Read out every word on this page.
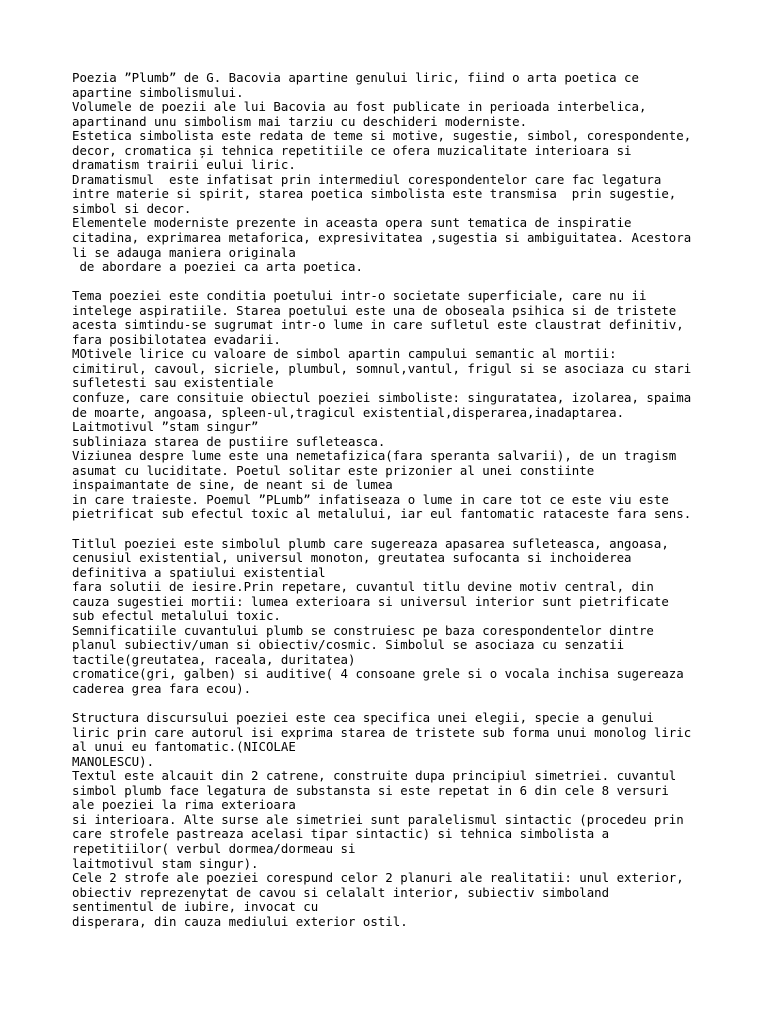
Poezia ”Plumb” de G. Bacovia apartine genului liric, fiind o arta poetica ce
apartine simbolismului.
Volumele de poezii ale lui Bacovia au fost publicate in perioada interbelica,
apartinand unu simbolism mai tarziu cu deschideri moderniste.
Estetica simbolista este redata de teme si motive, sugestie, simbol, corespondente,
decor, cromatica și tehnica repetitiile ce ofera muzicalitate interioara si
dramatism trairii eului liric.
Dramatismul  este infatisat prin intermediul corespondentelor care fac legatura
intre materie si spirit, starea poetica simbolista este transmisa  prin sugestie,
simbol si decor.
Elementele moderniste prezente in aceasta opera sunt tematica de inspiratie
citadina, exprimarea metaforica, expresivitatea ,sugestia si ambiguitatea. Acestora
li se adauga maniera originala
de abordare a poeziei ca arta poetica.
Tema poeziei este conditia poetului intr-o societate superficiale, care nu ii
intelege aspiratiile. Starea poetului este una de oboseala psihica si de tristete
acesta simtindu-se sugrumat intr-o lume in care sufletul este claustrat definitiv,
fara posibilotatea evadarii.
MOtivele lirice cu valoare de simbol apartin campului semantic al mortii:
cimitirul, cavoul, sicriele, plumbul, somnul,vantul, frigul si se asociaza cu stari
sufletesti sau existentiale
confuze, care consituie obiectul poeziei simboliste: singuratatea, izolarea, spaima
de moarte, angoasa, spleen-ul,tragicul existential,disperarea,inadaptarea.
Laitmotivul ”stam singur”
subliniaza starea de pustiire sufleteasca.
Viziunea despre lume este una nemetafizica(fara speranta salvarii), de un tragism
asumat cu luciditate. Poetul solitar este prizonier al unei constiinte
inspaimantate de sine, de neant si de lumea
in care traieste. Poemul ”PLumb” infatiseaza o lume in care tot ce este viu este
pietrificat sub efectul toxic al metalului, iar eul fantomatic rataceste fara sens.
Titlul poeziei este simbolul plumb care sugereaza apasarea sufleteasca, angoasa,
cenusiul existential, universul monoton, greutatea sufocanta si inchoiderea
definitiva a spatiului existential
fara solutii de iesire.Prin repetare, cuvantul titlu devine motiv central, din
cauza sugestiei mortii: lumea exterioara si universul interior sunt pietrificate
sub efectul metalului toxic.
Semnificatiile cuvantului plumb se construiesc pe baza corespondentelor dintre
planul subiectiv/uman si obiectiv/cosmic. Simbolul se asociaza cu senzatii
tactile(greutatea, raceala, duritatea)
cromatice(gri, galben) si auditive( 4 consoane grele si o vocala inchisa sugereaza
caderea grea fara ecou).
Structura discursului poeziei este cea specifica unei elegii, specie a genului
liric prin care autorul isi exprima starea de tristete sub forma unui monolog liric
al unui eu fantomatic.(NICOLAE
MANOLESCU).
Textul este alcauit din 2 catrene, construite dupa principiul simetriei. cuvantul
simbol plumb face legatura de substansta si este repetat in 6 din cele 8 versuri
ale poeziei la rima exterioara
si interioara. Alte surse ale simetriei sunt paralelismul sintactic (procedeu prin
care strofele pastreaza acelasi tipar sintactic) si tehnica simbolista a
repetitiilor( verbul dormea/dormeau si
laitmotivul stam singur).
Cele 2 strofe ale poeziei corespund celor 2 planuri ale realitatii: unul exterior,
obiectiv reprezenytat de cavou si celalalt interior, subiectiv simboland
sentimentul de iubire, invocat cu
disperara, din cauza mediului exterior ostil.
